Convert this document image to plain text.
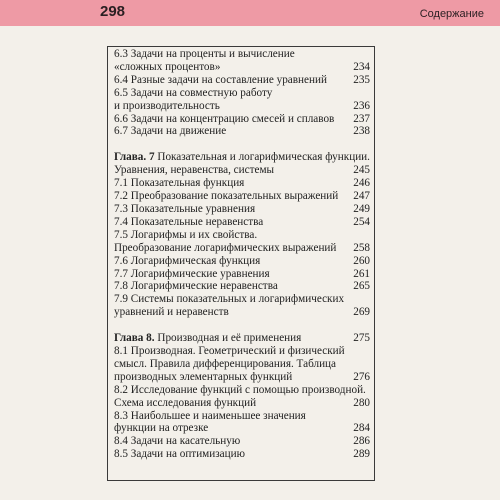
298	Содержание
6.3 Задачи на проценты и вычисление
«сложных процентов»	234
6.4 Разные задачи на составление уравнений	235
6.5 Задачи на совместную работу
и производительность	236
6.6 Задачи на концентрацию смесей и сплавов	237
6.7 Задачи на движение	238
Глава. 7 Показательная и логарифмическая функции.
Уравнения, неравенства, системы	245
7.1 Показательная функция	246
7.2 Преобразование показательных выражений	247
7.3 Показательные уравнения	249
7.4 Показательные неравенства	254
7.5 Логарифмы и их свойства.
Преобразование логарифмических выражений	258
7.6 Логарифмическая функция	260
7.7 Логарифмические уравнения	261
7.8 Логарифмические неравенства	265
7.9 Системы показательных и логарифмических
уравнений и неравенств	269
Глава 8. Производная и её применения	275
8.1 Производная. Геометрический и физический
смысл. Правила дифференцирования. Таблица
производных элементарных функций	276
8.2 Исследование функций с помощью производной.
Схема исследования функций	280
8.3 Наибольшее и наименьшее значения
функции на отрезке	284
8.4 Задачи на касательную	286
8.5 Задачи на оптимизацию	289
